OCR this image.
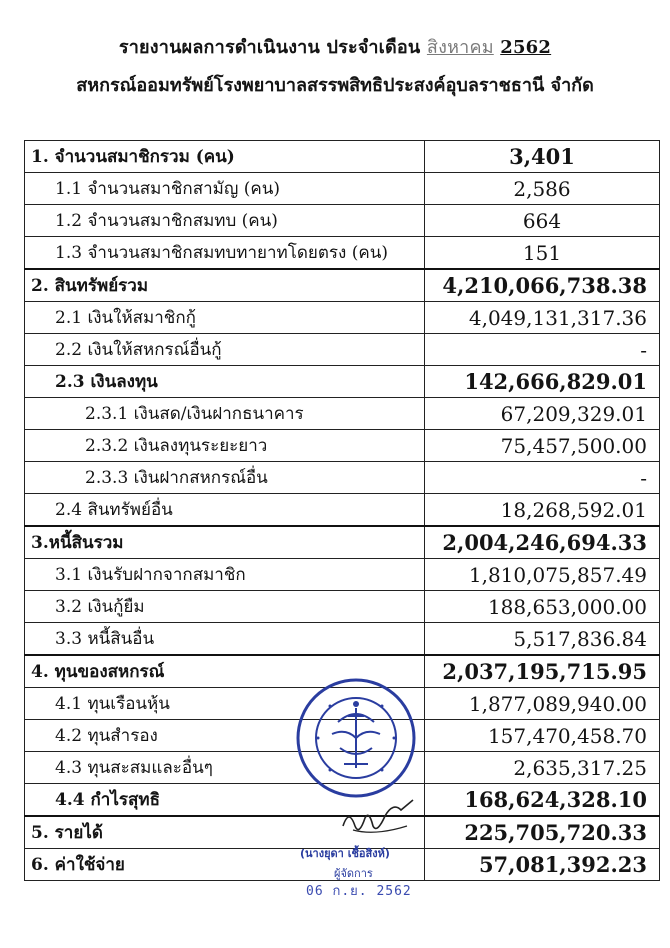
รายงานผลการดำเนินงาน ประจำเดือน สิงหาคม 2562
สหกรณ์ออมทรัพย์โรงพยาบาลสรรพสิทธิประสงค์อุบลราชธานี จำกัด
1. จำนวนสมาชิกรวม (คน)	3,401
1.1 จำนวนสมาชิกสามัญ (คน)	2,586
1.2 จำนวนสมาชิกสมทบ (คน)	664
1.3 จำนวนสมาชิกสมทบทายาทโดยตรง (คน)	151
2. สินทรัพย์รวม	4,210,066,738.38
2.1 เงินให้สมาชิกกู้	4,049,131,317.36
2.2 เงินให้สหกรณ์อื่นกู้	-
2.3 เงินลงทุน	142,666,829.01
2.3.1 เงินสด/เงินฝากธนาคาร	67,209,329.01
2.3.2 เงินลงทุนระยะยาว	75,457,500.00
2.3.3 เงินฝากสหกรณ์อื่น	-
2.4 สินทรัพย์อื่น	18,268,592.01
3.หนี้สินรวม	2,004,246,694.33
3.1 เงินรับฝากจากสมาชิก	1,810,075,857.49
3.2 เงินกู้ยืม	188,653,000.00
3.3 หนี้สินอื่น	5,517,836.84
4. ทุนของสหกรณ์	2,037,195,715.95
4.1 ทุนเรือนหุ้น	1,877,089,940.00
4.2 ทุนสำรอง	157,470,458.70
4.3 ทุนสะสมและอื่นๆ	2,635,317.25
4.4 กำไรสุทธิ	168,624,328.10
5. รายได้	225,705,720.33
6. ค่าใช้จ่าย	57,081,392.23
(นางยุดา เชื้อสิงห์)
ผู้จัดการ
06 ก.ย. 2562
